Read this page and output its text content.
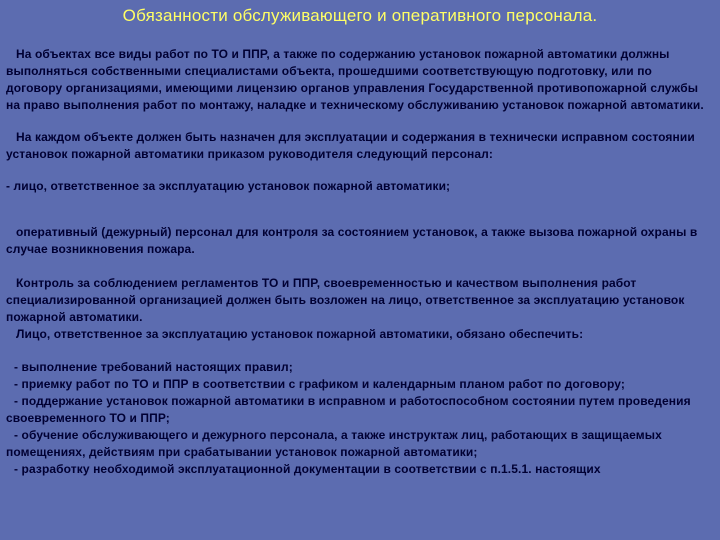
Обязанности обслуживающего и оперативного персонала.

На объектах все виды работ по ТО и ППР, а также по содержанию установок пожарной автоматики должны выполняться собственными специалистами объекта, прошедшими соответствующую подготовку, или по договору организациями, имеющими лицензию органов управления Государственной противопожарной службы на право выполнения работ по монтажу, наладке и техническому обслуживанию установок пожарной автоматики.

На каждом объекте должен быть назначен для эксплуатации и содержания в технически исправном состоянии установок пожарной автоматики приказом руководителя следующий персонал:

- лицо, ответственное за эксплуатацию установок пожарной автоматики;

оперативный (дежурный) персонал для контроля за состоянием установок, а также вызова пожарной охраны в случае возникновения пожара.

Контроль за соблюдением регламентов ТО и ППР, своевременностью и качеством выполнения работ специализированной организацией должен быть возложен на лицо, ответственное за эксплуатацию установок пожарной автоматики.

Лицо, ответственное за эксплуатацию установок пожарной автоматики, обязано обеспечить:

- выполнение требований настоящих правил;

- приемку работ по ТО и ППР в соответствии с графиком и календарным планом работ по договору;

- поддержание установок пожарной автоматики в исправном и работоспособном состоянии путем проведения своевременного ТО и ППР;

- обучение обслуживающего и дежурного персонала, а также инструктаж лиц, работающих в защищаемых помещениях, действиям при срабатывании установок пожарной автоматики;

- разработку необходимой эксплуатационной документации в соответствии с п.1.5.1. настоящих
